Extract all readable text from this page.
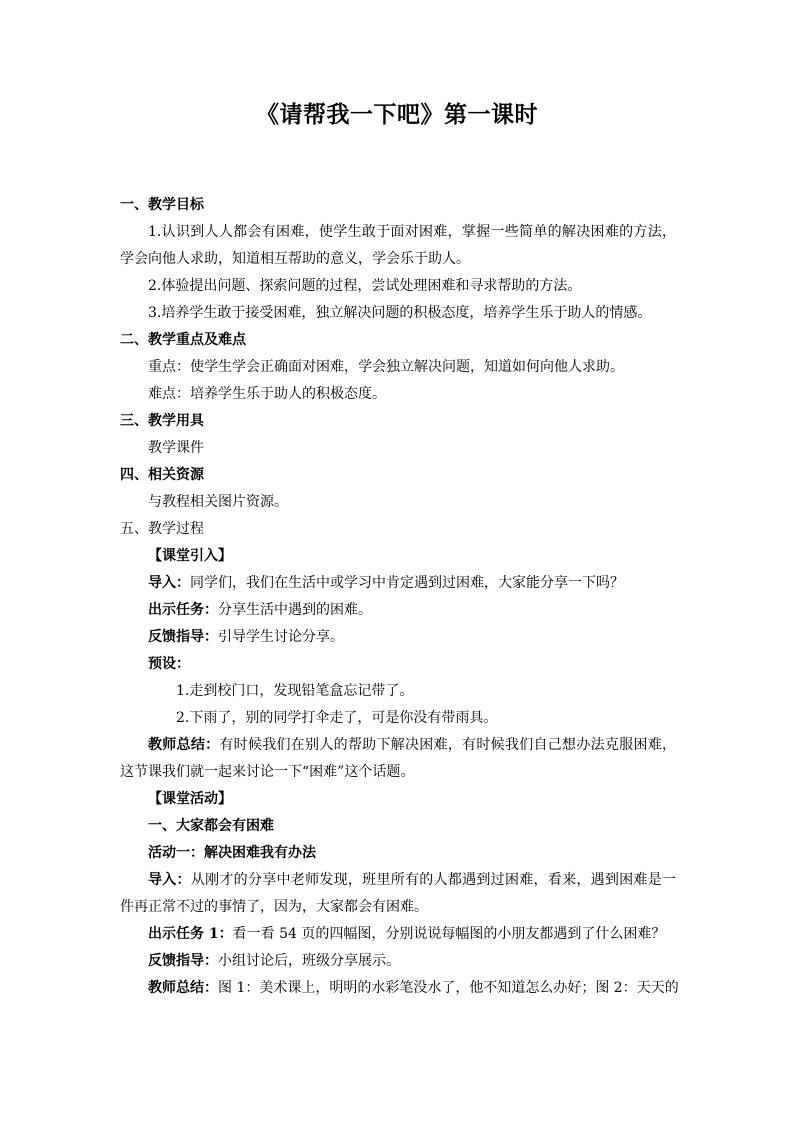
《请帮我一下吧》第一课时
一、教学目标
1.认识到人人都会有困难，使学生敢于面对困难，掌握一些简单的解决困难的方法，学会向他人求助，知道相互帮助的意义，学会乐于助人。
2.体验提出问题、探索问题的过程，尝试处理困难和寻求帮助的方法。
3.培养学生敢于接受困难，独立解决问题的积极态度，培养学生乐于助人的情感。
二、教学重点及难点
重点：使学生学会正确面对困难，学会独立解决问题，知道如何向他人求助。
难点：培养学生乐于助人的积极态度。
三、教学用具
教学课件
四、相关资源
与教程相关图片资源。
五、教学过程
【课堂引入】
导入：同学们，我们在生活中或学习中肯定遇到过困难，大家能分享一下吗？
出示任务：分享生活中遇到的困难。
反馈指导：引导学生讨论分享。
预设：
1.走到校门口，发现铅笔盒忘记带了。
2.下雨了，别的同学打伞走了，可是你没有带雨具。
教师总结：有时候我们在别人的帮助下解决困难，有时候我们自己想办法克服困难，这节课我们就一起来讨论一下“困难”这个话题。
【课堂活动】
一、大家都会有困难
活动一：解决困难我有办法
导入：从刚才的分享中老师发现，班里所有的人都遇到过困难，看来，遇到困难是一件再正常不过的事情了，因为，大家都会有困难。
出示任务 1：看一看 54 页的四幅图，分别说说每幅图的小朋友都遇到了什么困难？
反馈指导：小组讨论后，班级分享展示。
教师总结：图 1：美术课上，明明的水彩笔没水了，他不知道怎么办好；图 2：天天的
